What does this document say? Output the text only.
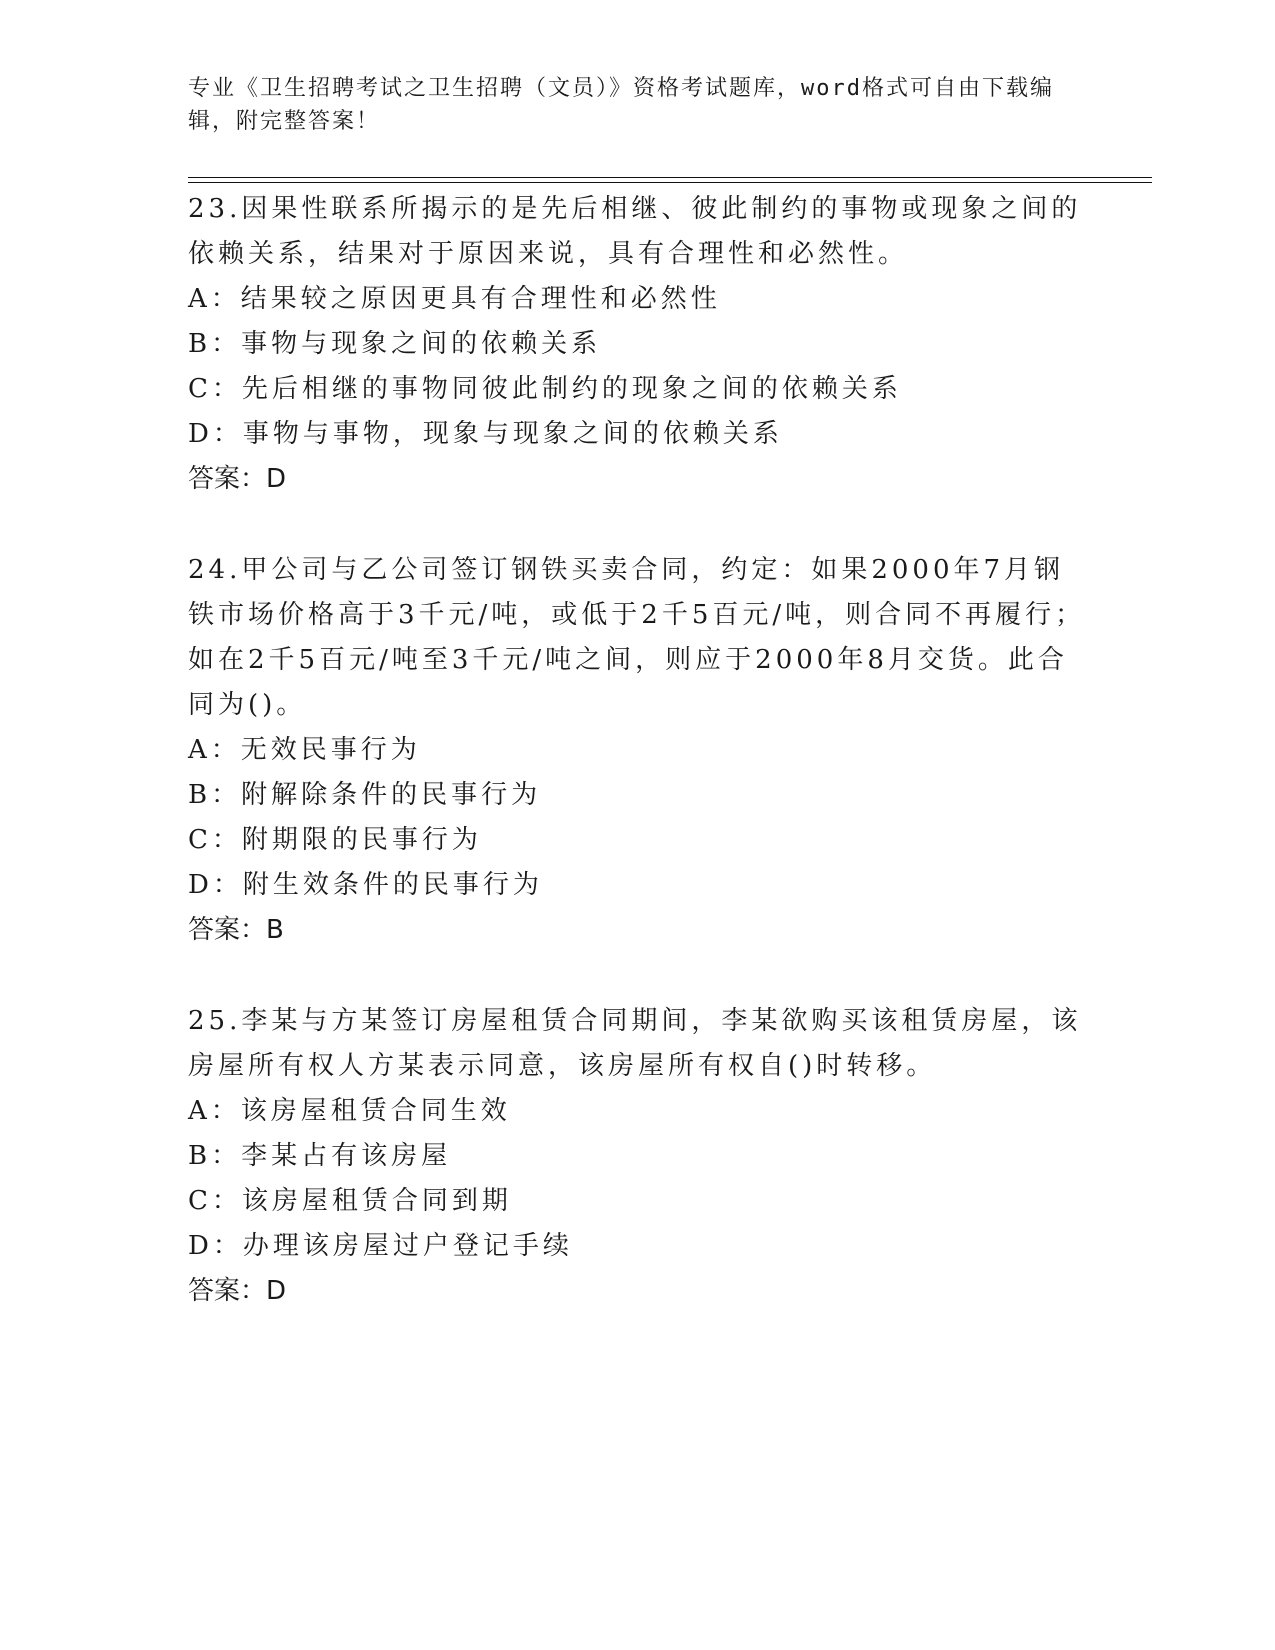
专业《卫生招聘考试之卫生招聘（文员）》资格考试题库，word格式可自由下载编辑，附完整答案！
23.因果性联系所揭示的是先后相继、彼此制约的事物或现象之间的依赖关系，结果对于原因来说，具有合理性和必然性。
A：结果较之原因更具有合理性和必然性
B：事物与现象之间的依赖关系
C：先后相继的事物同彼此制约的现象之间的依赖关系
D：事物与事物，现象与现象之间的依赖关系
答案：D
24.甲公司与乙公司签订钢铁买卖合同，约定：如果2000年7月钢铁市场价格高于3千元/吨，或低于2千5百元/吨，则合同不再履行；如在2千5百元/吨至3千元/吨之间，则应于2000年8月交货。此合同为()。
A：无效民事行为
B：附解除条件的民事行为
C：附期限的民事行为
D：附生效条件的民事行为
答案：B
25.李某与方某签订房屋租赁合同期间，李某欲购买该租赁房屋，该房屋所有权人方某表示同意，该房屋所有权自()时转移。
A：该房屋租赁合同生效
B：李某占有该房屋
C：该房屋租赁合同到期
D：办理该房屋过户登记手续
答案：D
